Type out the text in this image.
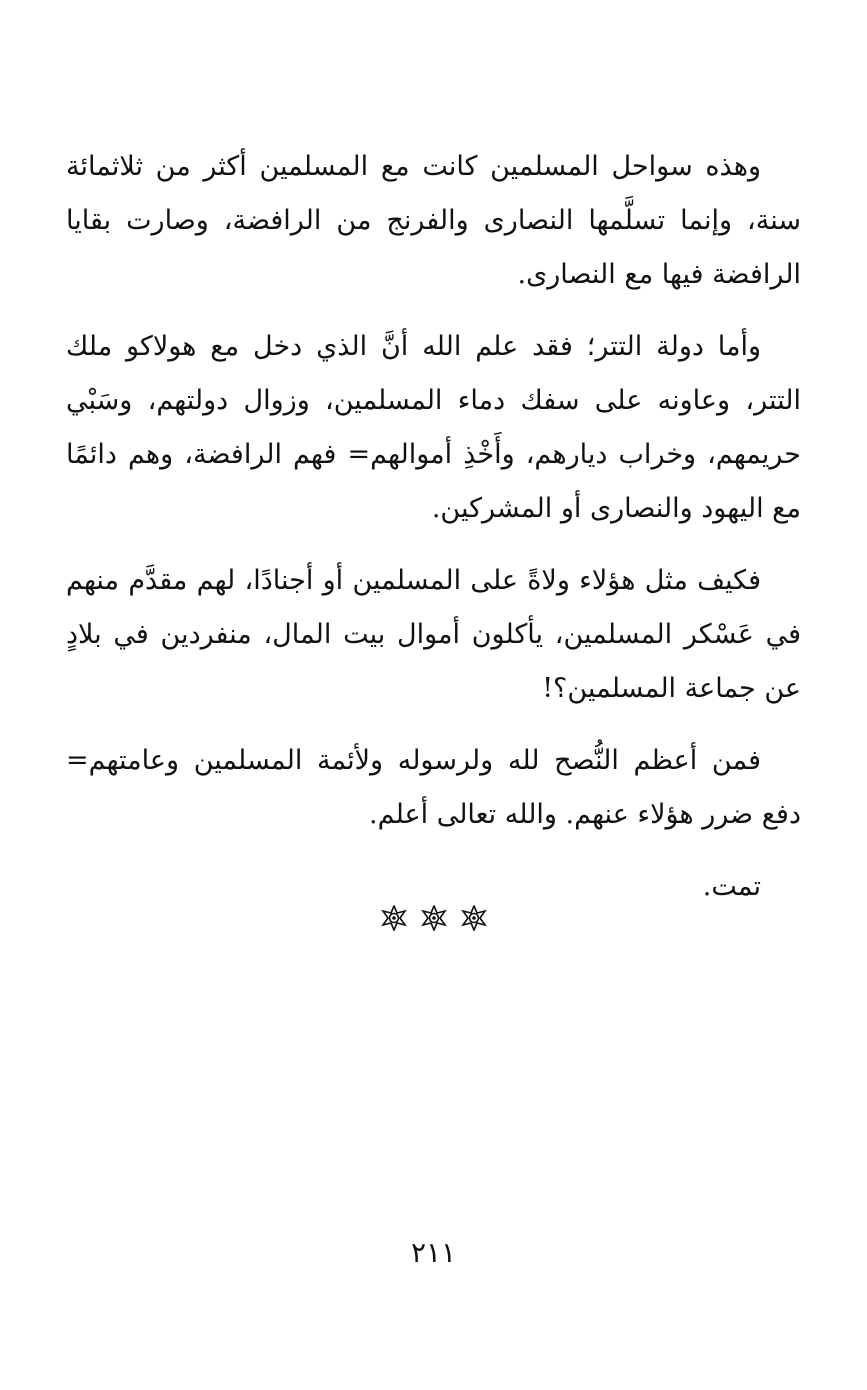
وهذه سواحل المسلمين كانت مع المسلمين أكثر من ثلاثمائة سنة، وإنما تسلَّمها النصارى والفرنج من الرافضة، وصارت بقايا الرافضة فيها مع النصارى.

وأما دولة التتر؛ فقد علم الله أنَّ الذي دخل مع هولاكو ملك التتر، وعاونه على سفك دماء المسلمين، وزوال دولتهم، وسَبْي حريمهم، وخراب ديارهم، وأَخْذِ أموالهم= فهم الرافضة، وهم دائمًا مع اليهود والنصارى أو المشركين.

فكيف مثل هؤلاء ولاةً على المسلمين أو أجنادًا، لهم مقدَّم منهم في عَسْكر المسلمين، يأكلون أموال بيت المال، منفردين في بلادٍ عن جماعة المسلمين؟!

فمن أعظم النُّصح لله ولرسوله ولأئمة المسلمين وعامتهم= دفع ضرر هؤلاء عنهم. والله تعالى أعلم.

تمت.

٢١١
